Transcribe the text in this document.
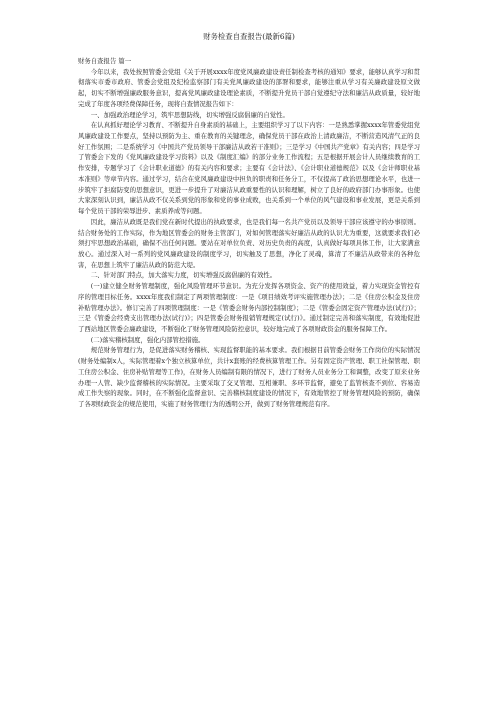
财务检查自查报告(最新6篇)

财务自查报告 篇一

今年以来，我处按照管委会党组《关于开展xxxx年度党风廉政建设责任制检查考核的通知》要求，能够认真学习和贯彻落实市委市政府、管委会党组及纪检监察部门有关党风廉政建设的部署和要求，能够注重从学习有关廉政建设原文做起，切实不断增强廉政服务意识，提高党风廉政建设理论素质，不断提升党员干部自觉遵纪守法和廉洁从政质量，较好地完成了年度各项经费保障任务，现将自查情况报告如下：

一、加强政治理论学习，筑牢思想防线，切实增强反腐倡廉的自觉性。

在认真抓好理论学习教育、不断提升自身素质的基础上，主要组织学习了以下内容：一是熟悉掌握xxxx年管委党组党风廉政建设工作要点，坚持以预防为主、重在教育的关键理念，确保党员干部在政治上清政廉洁，不断营造风清气正的良好工作氛围；二是系统学习《中国共产党员领导干部廉洁从政若干准则》；三是学习《中国共产党章》有关内容；四是学习了管委会下发的《党风廉政建设学习资料》以及《制度汇编》的部分业务工作流程；五是根据开展会计人员继续教育的工作安排，专题学习了《会计职业道德》的有关内容和要求；主要有《会计法》、《会计职业道德规范》以及《会计师职业基本准则》等章节内容。通过学习，结合在党风廉政建设中担负的职责和任务分工，不仅提高了政治思想理论水平，也进一步筑牢了拒腐防变的思想意识，更进一步提升了对廉洁从政重要性的认识和理解，树立了良好的政府部门办事形象。也使大家深刻认识到，廉洁从政不仅关系到党的形象和党的事业成败，也关系到一个单位的风气建设和事业发展，更是关系到每个党员干部的荣辱进步、素质养成等问题。

因此，廉洁从政既是我们党在新时代提出的执政要求，也是我们每一名共产党员以及领导干部应该遵守的办事原则。结合财务处的工作实际，作为地区管委会的财务主管部门，对如何管理落实好廉洁从政的认识尤为重要，这就要求我们必须打牢思想政治基础，确保不出任何问题。要站在对单位负责、对历史负责的高度，认真做好每项具体工作，让大家满意放心。通过深入对一系列的党风廉政建设的制度学习，切实触及了思想，净化了灵魂，算清了不廉洁从政带来的各种危害，在思想上筑牢了廉洁从政的防范大堤。

二、针对部门特点，加大落实力度，切实增强反腐倡廉的有效性。

(一)建立健全财务管理制度，强化风险管理环节意识。为充分发挥各项资金、资产的使用效益，着力实现资金管控有序的管理目标任务。xxxx年度我们制定了两项管理制度：一是《项目绩效考评实施管理办法》；二是《住房公积金及住房补贴管理办法》。修订完善了四项管理制度：一是《管委会财务内部控制制度》；二是《管委会固定资产管理办法(试行)》；三是《管委会经费支出管理办法(试行)》；四是管委会财务报销管理规定(试行)》。通过制定完善和落实制度，有效地促进了西站地区管委会廉政建设，不断强化了财务管理风险防控意识，较好地完成了各项财政资金的服务保障工作。

(二)落实稽核制度，强化内部管控措施。

规范财务管理行为，是促进落实财务稽核、实现监督职能的基本要求。我们根据目前管委会财务工作岗位的实际情况(财务处编制x人，实际管理着x个独立核算单位，共计x套账的经费核算管理工作。另有固定资产管理、职工社保管理、职工住房公积金、住房补贴管理等工作)，在财务人员编制有限的情况下，进行了财务人员业务分工和调整，改变了原来业务办理一人管、缺少监督稽核的实际情况。主要采取了交叉管理、互相兼职、多环节监督，避免了监管核查不到位、容易造成工作失察的现象。同时，在不断强化监督意识、完善稽核制度建设的情况下，有效地管控了财务管理风险的预防，确保了各项财政资金的规范使用，实施了财务管理行为的透明公开，做到了财务管理规范有序。
